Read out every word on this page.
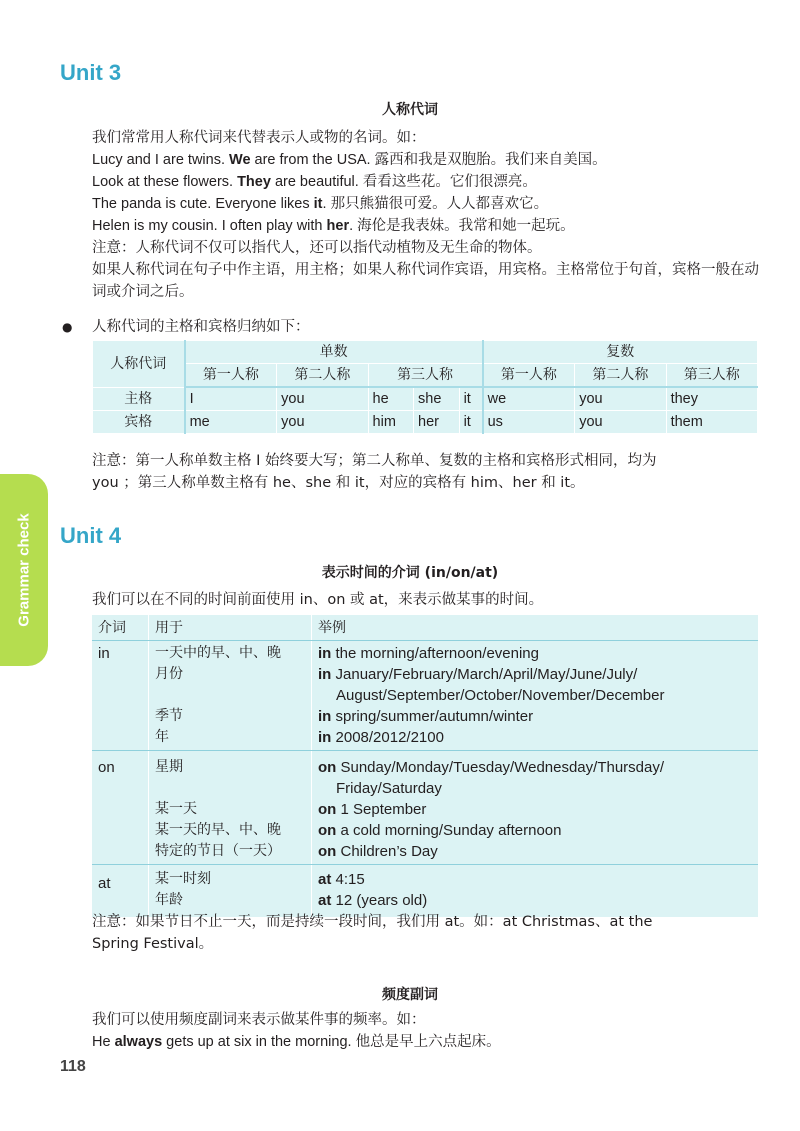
Grammar check
Unit 3
人称代词

我们常常用人称代词来代替表示人或物的名词。如：

Lucy and I are twins. We are from the USA. 露西和我是双胞胎。我们来自美国。

Look at these flowers. They are beautiful. 看看这些花。它们很漂亮。

The panda is cute. Everyone likes it. 那只熊猫很可爱。人人都喜欢它。

Helen is my cousin. I often play with her. 海伦是我表妹。我常和她一起玩。

注意：人称代词不仅可以指代人，还可以指代动植物及无生命的物体。

如果人称代词在句子中作主语，用主格；如果人称代词作宾语，用宾格。主格常位于句首，宾格一般在动词或介词之后。

● 人称代词的主格和宾格归纳如下：
人称代词	单数					复数		
	第一人称	第二人称	第三人称			第一人称	第二人称	第三人称
主格	I	you	he	she	it	we	you	they
宾格	me	you	him	her	it	us	you	them

注意：第一人称单数主格 I 始终要大写；第二人称单、复数的主格和宾格形式相同，均为

you ；第三人称单数主格有 he、she 和 it，对应的宾格有 him、her 和 it。

Unit 4
表示时间的介词 (in/on/at)

我们可以在不同的时间前面使用 in、on 或 at，来表示做某事的时间。

介词	用于	举例
in	一天中的早、中、晚
月份
季节
年	in the morning/afternoon/evening
in January/February/March/April/May/June/July/
August/September/October/November/December
in spring/summer/autumn/winter
in 2008/2012/2100

on	星期
某一天
某一天的早、中、晚
特定的节日（一天）	on Sunday/Monday/Tuesday/Wednesday/Thursday/
Friday/Saturday
on 1 September
on a cold morning/Sunday afternoon
on Children’s Day

at	某一时刻
年龄	at 4:15
at 12 (years old)

注意：如果节日不止一天，而是持续一段时间，我们用 at。如：at Christmas、at the

Spring Festival。

频度副词

我们可以使用频度副词来表示做某件事的频率。如：

He always gets up at six in the morning. 他总是早上六点起床。

118
